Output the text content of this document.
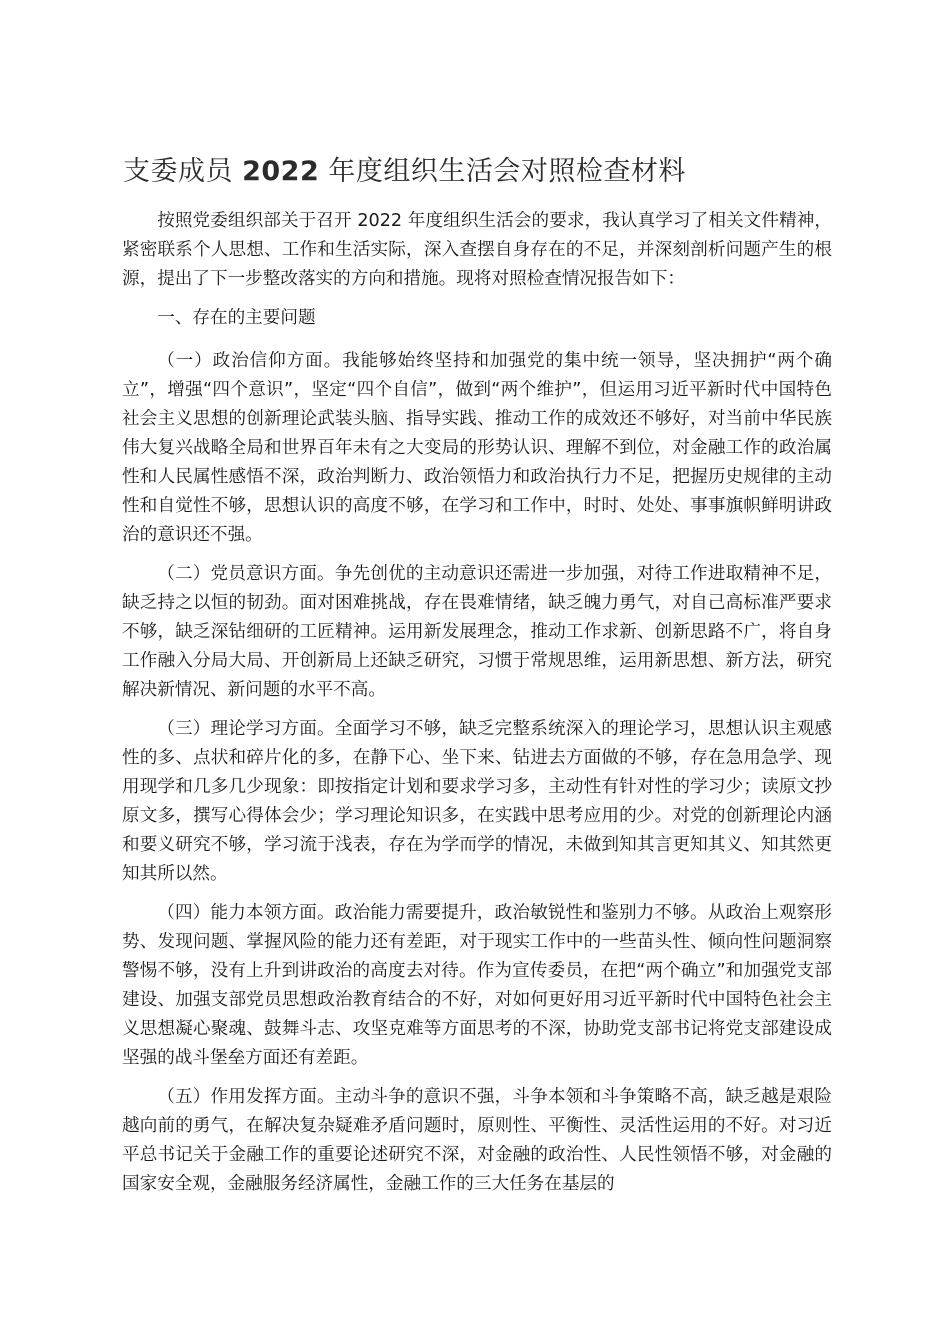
支委成员 2022 年度组织生活会对照检查材料

按照党委组织部关于召开 2022 年度组织生活会的要求，我认真学习了相关文件精神，紧密联系个人思想、工作和生活实际，深入查摆自身存在的不足，并深刻剖析问题产生的根源，提出了下一步整改落实的方向和措施。现将对照检查情况报告如下：

一、存在的主要问题

（一）政治信仰方面。我能够始终坚持和加强党的集中统一领导，坚决拥护“两个确立”，增强“四个意识”，坚定“四个自信”，做到“两个维护”，但运用习近平新时代中国特色社会主义思想的创新理论武装头脑、指导实践、推动工作的成效还不够好，对当前中华民族伟大复兴战略全局和世界百年未有之大变局的形势认识、理解不到位，对金融工作的政治属性和人民属性感悟不深，政治判断力、政治领悟力和政治执行力不足，把握历史规律的主动性和自觉性不够，思想认识的高度不够，在学习和工作中，时时、处处、事事旗帜鲜明讲政治的意识还不强。

（二）党员意识方面。争先创优的主动意识还需进一步加强，对待工作进取精神不足，缺乏持之以恒的韧劲。面对困难挑战，存在畏难情绪，缺乏魄力勇气，对自己高标准严要求不够，缺乏深钻细研的工匠精神。运用新发展理念，推动工作求新、创新思路不广，将自身工作融入分局大局、开创新局上还缺乏研究，习惯于常规思维，运用新思想、新方法，研究解决新情况、新问题的水平不高。

（三）理论学习方面。全面学习不够，缺乏完整系统深入的理论学习，思想认识主观感性的多、点状和碎片化的多，在静下心、坐下来、钻进去方面做的不够，存在急用急学、现用现学和几多几少现象：即按指定计划和要求学习多，主动性有针对性的学习少；读原文抄原文多，撰写心得体会少；学习理论知识多，在实践中思考应用的少。对党的创新理论内涵和要义研究不够，学习流于浅表，存在为学而学的情况，未做到知其言更知其义、知其然更知其所以然。

（四）能力本领方面。政治能力需要提升，政治敏锐性和鉴别力不够。从政治上观察形势、发现问题、掌握风险的能力还有差距，对于现实工作中的一些苗头性、倾向性问题洞察警惕不够，没有上升到讲政治的高度去对待。作为宣传委员，在把“两个确立”和加强党支部建设、加强支部党员思想政治教育结合的不好，对如何更好用习近平新时代中国特色社会主义思想凝心聚魂、鼓舞斗志、攻坚克难等方面思考的不深，协助党支部书记将党支部建设成坚强的战斗堡垒方面还有差距。

（五）作用发挥方面。主动斗争的意识不强，斗争本领和斗争策略不高，缺乏越是艰险越向前的勇气，在解决复杂疑难矛盾问题时，原则性、平衡性、灵活性运用的不好。对习近平总书记关于金融工作的重要论述研究不深，对金融的政治性、人民性领悟不够，对金融的国家安全观，金融服务经济属性，金融工作的三大任务在基层的
